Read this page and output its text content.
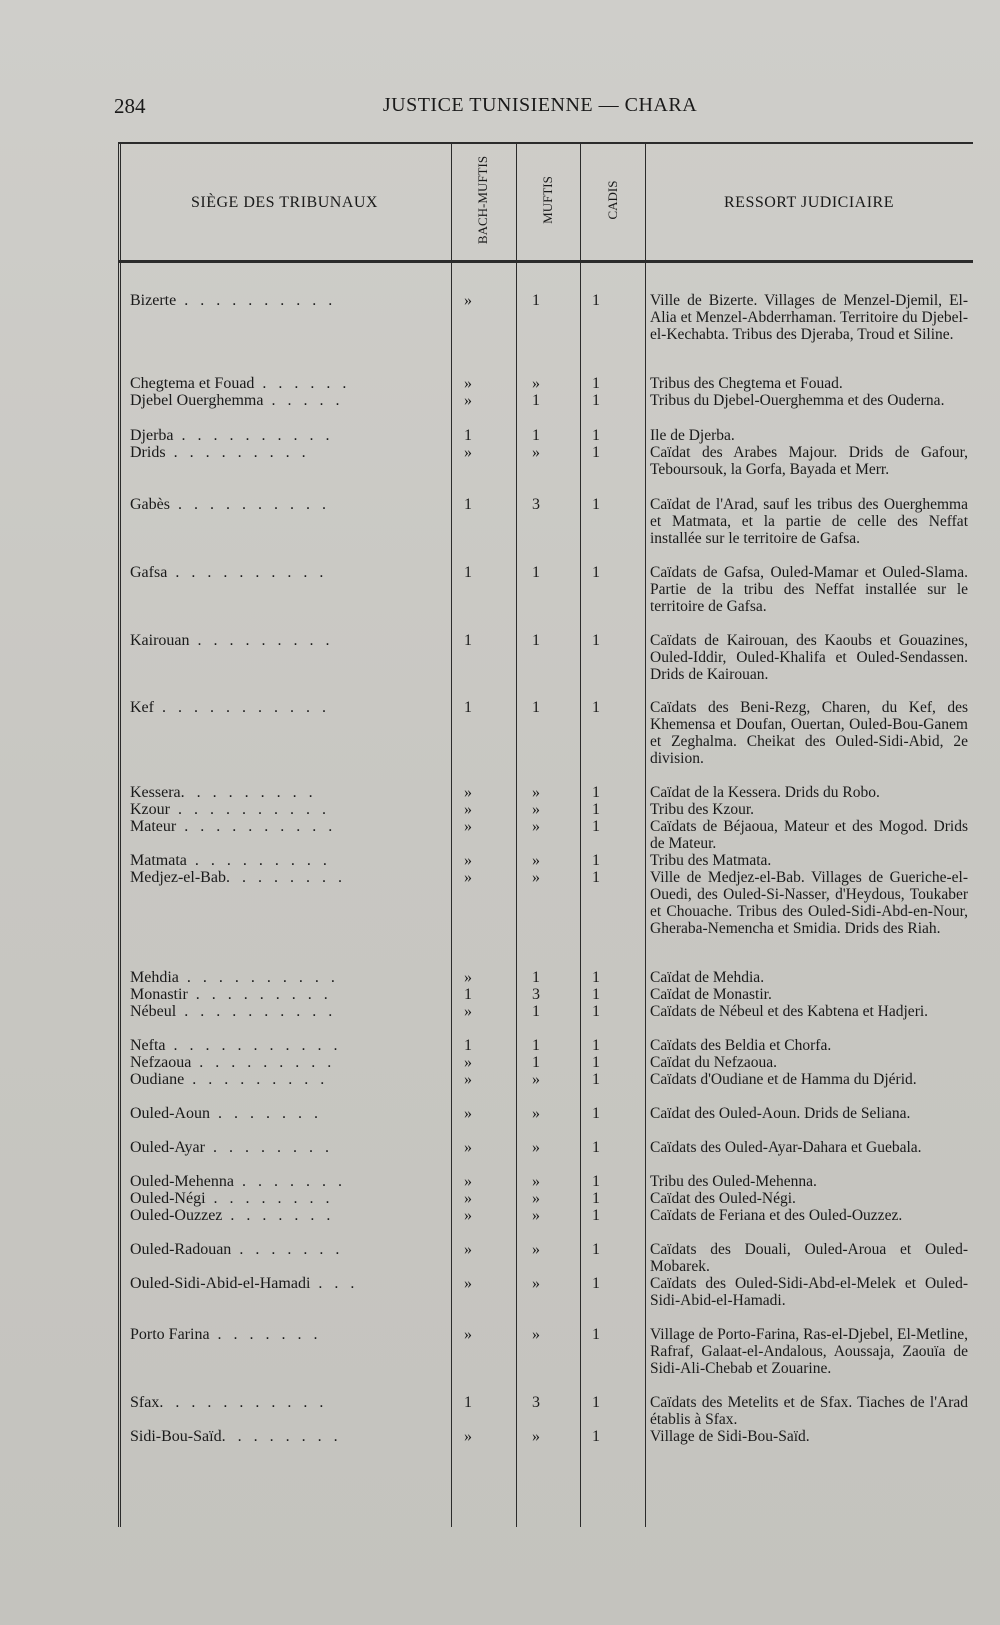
284	JUSTICE TUNISIENNE — CHARA
SIÈGE DES TRIBUNAUX	BACH-MUFTIS	MUFTIS	CADIS	RESSORT JUDICIAIRE
Bizerte . . . . . . . . . .	»	1	1	Ville de Bizerte. Villages de Menzel-Djemil, El-Alia et Menzel-Abderrhaman. Territoire du Djebel-el-Kechabta. Tribus des Djeraba, Troud et Siline.
Chegtema et Fouad . . . . . .	»	»	1	Tribus des Chegtema et Fouad.
Djebel Ouerghemma . . . . .	»	1	1	Tribus du Djebel-Ouerghemma et des Ouderna.
Djerba . . . . . . . . . .	1	1	1	Ile de Djerba.
Drids . . . . . . . . .	»	»	1	Caïdat des Arabes Majour. Drids de Gafour, Teboursouk, la Gorfa, Bayada et Merr.
Gabès . . . . . . . . . .	1	3	1	Caïdat de l'Arad, sauf les tribus des Ouerghemma et Matmata, et la partie de celle des Neffat installée sur le territoire de Gafsa.
Gafsa . . . . . . . . . .	1	1	1	Caïdats de Gafsa, Ouled-Mamar et Ouled-Slama. Partie de la tribu des Neffat installée sur le territoire de Gafsa.
Kairouan . . . . . . . . .	1	1	1	Caïdats de Kairouan, des Kaoubs et Gouazines, Ouled-Iddir, Ouled-Khalifa et Ouled-Sendassen. Drids de Kairouan.
Kef . . . . . . . . . . .	1	1	1	Caïdats des Beni-Rezg, Charen, du Kef, des Khemensa et Doufan, Ouertan, Ouled-Bou-Ganem et Zeghalma. Cheikat des Ouled-Sidi-Abid, 2e division.
Kessera. . . . . . . . .	»	»	1	Caïdat de la Kessera. Drids du Robo.
Kzour . . . . . . . . . .	»	»	1	Tribu des Kzour.
Mateur . . . . . . . . . .	»	»	1	Caïdats de Béjaoua, Mateur et des Mogod. Drids de Mateur.
Matmata . . . . . . . . .	»	»	1	Tribu des Matmata.
Medjez-el-Bab. . . . . . . .	»	»	1	Ville de Medjez-el-Bab. Villages de Gueriche-el-Ouedi, des Ouled-Si-Nasser, d'Heydous, Toukaber et Chouache. Tribus des Ouled-Sidi-Abd-en-Nour, Gheraba-Nemencha et Smidia. Drids des Riah.
Mehdia . . . . . . . . . .	»	1	1	Caïdat de Mehdia.
Monastir . . . . . . . . .	1	3	1	Caïdat de Monastir.
Nébeul . . . . . . . . . .	»	1	1	Caïdats de Nébeul et des Kabtena et Hadjeri.
Nefta . . . . . . . . . . .	1	1	1	Caïdats des Beldia et Chorfa.
Nefzaoua . . . . . . . . .	»	1	1	Caïdat du Nefzaoua.
Oudiane . . . . . . . . .	»	»	1	Caïdats d'Oudiane et de Hamma du Djérid.
Ouled-Aoun . . . . . . .	»	»	1	Caïdat des Ouled-Aoun. Drids de Seliana.
Ouled-Ayar . . . . . . . .	»	»	1	Caïdats des Ouled-Ayar-Dahara et Guebala.
Ouled-Mehenna . . . . . . .	»	»	1	Tribu des Ouled-Mehenna.
Ouled-Négi . . . . . . . .	»	»	1	Caïdat des Ouled-Négi.
Ouled-Ouzzez . . . . . . .	»	»	1	Caïdats de Feriana et des Ouled-Ouzzez.
Ouled-Radouan . . . . . . .	»	»	1	Caïdats des Douali, Ouled-Aroua et Ouled-Mobarek.
Ouled-Sidi-Abid-el-Hamadi . . .	»	»	1	Caïdats des Ouled-Sidi-Abd-el-Melek et Ouled-Sidi-Abid-el-Hamadi.
Porto Farina . . . . . . .	»	»	1	Village de Porto-Farina, Ras-el-Djebel, El-Metline, Rafraf, Galaat-el-Andalous, Aoussaja, Zaouïa de Sidi-Ali-Chebab et Zouarine.
Sfax. . . . . . . . . . .	1	3	1	Caïdats des Metelits et de Sfax. Tiaches de l'Arad établis à Sfax.
Sidi-Bou-Saïd. . . . . . . .	»	»	1	Village de Sidi-Bou-Saïd.
